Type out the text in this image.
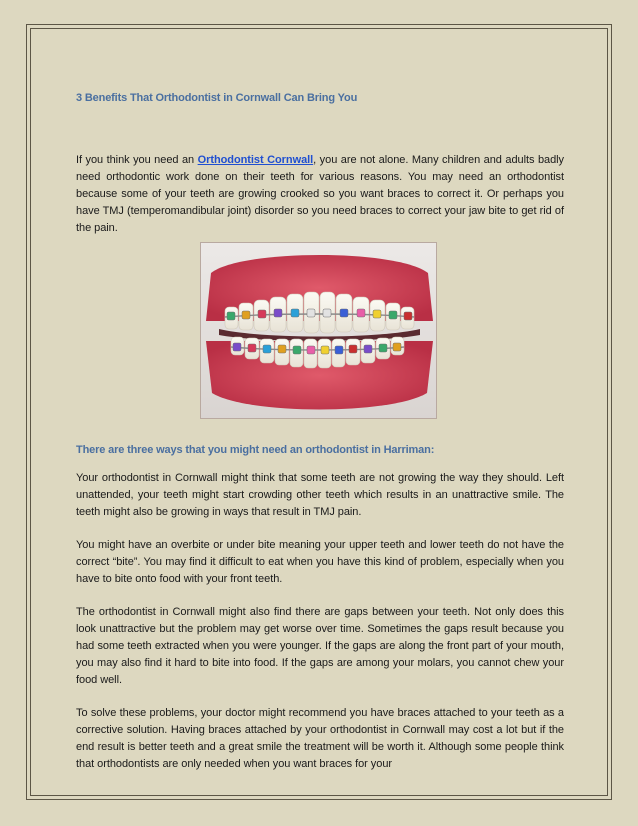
3 Benefits That Orthodontist in Cornwall Can Bring You

If you think you need an Orthodontist Cornwall, you are not alone. Many children and adults badly need orthodontic work done on their teeth for various reasons. You may need an orthodontist because some of your teeth are growing crooked so you want braces to correct it. Or perhaps you have TMJ (temperomandibular joint) disorder so you need braces to correct your jaw bite to get rid of the pain.

There are three ways that you might need an orthodontist in Harriman:

Your orthodontist in Cornwall might think that some teeth are not growing the way they should. Left unattended, your teeth might start crowding other teeth which results in an unattractive smile. The teeth might also be growing in ways that result in TMJ pain.

You might have an overbite or under bite meaning your upper teeth and lower teeth do not have the correct “bite”. You may find it difficult to eat when you have this kind of problem, especially when you have to bite onto food with your front teeth.

The orthodontist in Cornwall might also find there are gaps between your teeth. Not only does this look unattractive but the problem may get worse over time. Sometimes the gaps result because you had some teeth extracted when you were younger. If the gaps are along the front part of your mouth, you may also find it hard to bite into food. If the gaps are among your molars, you cannot chew your food well.

To solve these problems, your doctor might recommend you have braces attached to your teeth as a corrective solution. Having braces attached by your orthodontist in Cornwall may cost a lot but if the end result is better teeth and a great smile the treatment will be worth it. Although some people think that orthodontists are only needed when you want braces for your
